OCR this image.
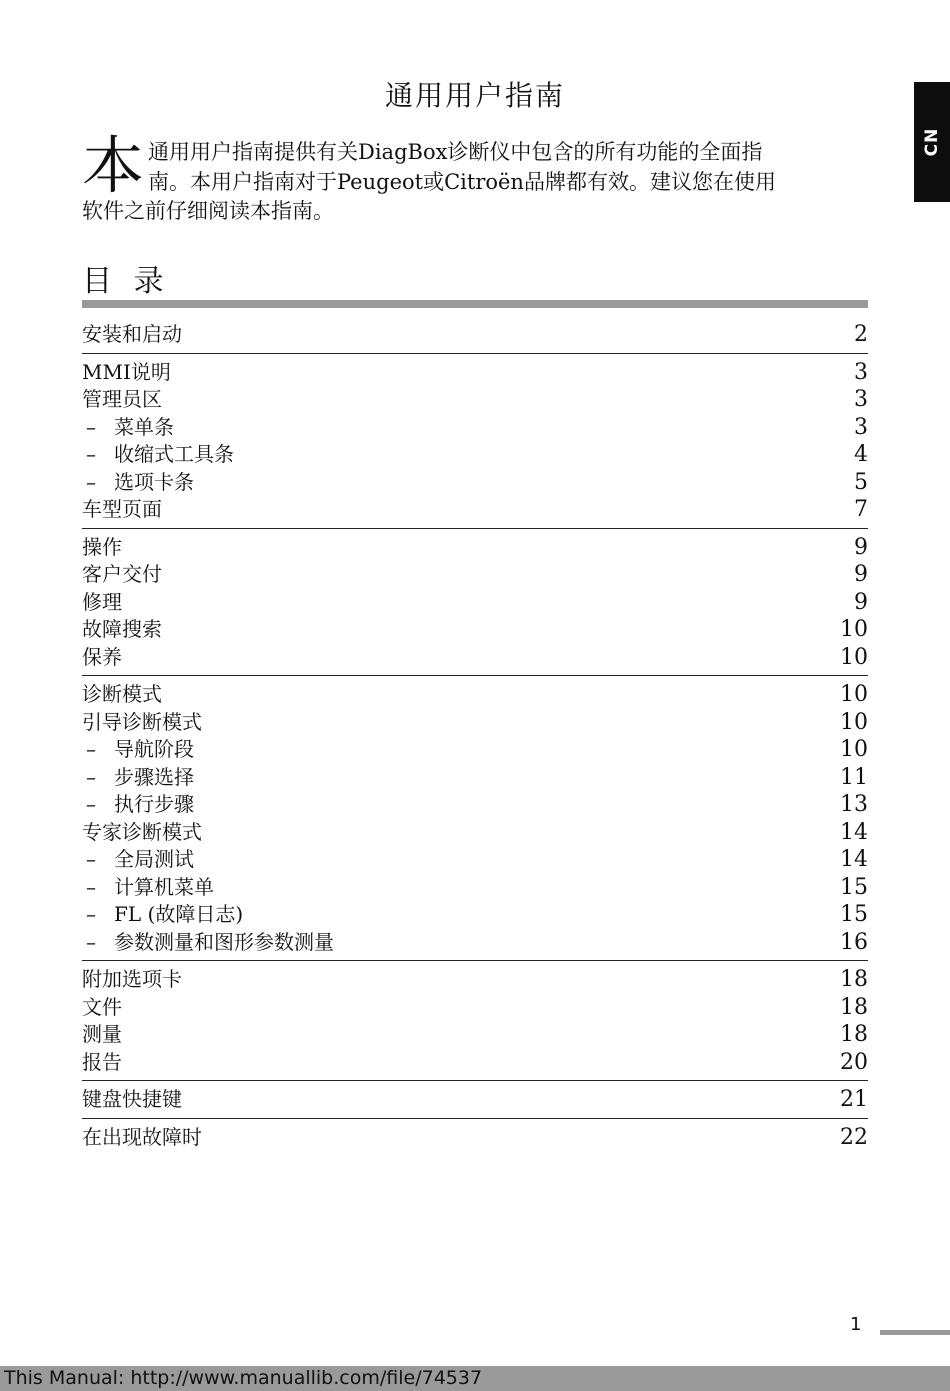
通用用户指南
CN
本 通用用户指南提供有关DiagBox诊断仪中包含的所有功能的全面指
南。本用户指南对于Peugeot或Citroën品牌都有效。建议您在使用
软件之前仔细阅读本指南。
目 录
安装和启动	2
MMI说明	3
管理员区	3
– 菜单条	3
– 收缩式工具条	4
– 选项卡条	5
车型页面	7
操作	9
客户交付	9
修理	9
故障搜索	10
保养	10
诊断模式	10
引导诊断模式	10
– 导航阶段	10
– 步骤选择	11
– 执行步骤	13
专家诊断模式	14
– 全局测试	14
– 计算机菜单	15
– FL (故障日志)	15
– 参数测量和图形参数测量	16
附加选项卡	18
文件	18
测量	18
报告	20
键盘快捷键	21
在出现故障时	22
1
This Manual: http://www.manuallib.com/file/74537
